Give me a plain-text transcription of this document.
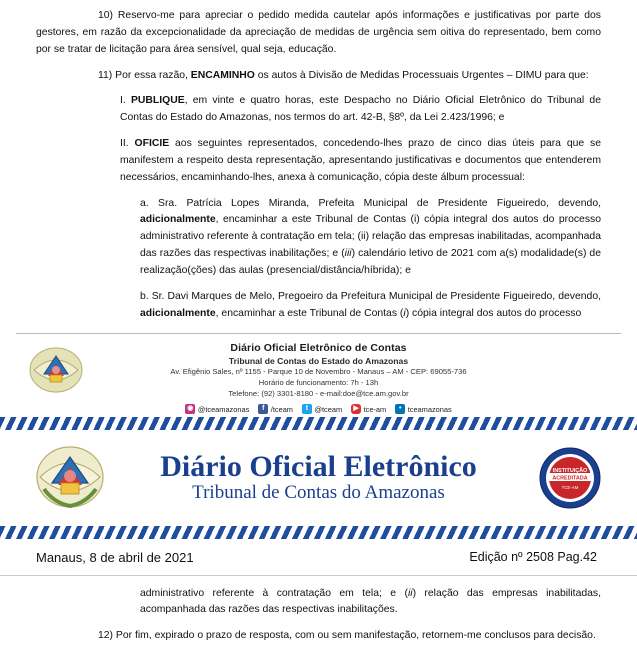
10) Reservo-me para apreciar o pedido medida cautelar após informações e justificativas por parte dos gestores, em razão da excepcionalidade da apreciação de medidas de urgência sem oitiva do representado, bem como por se tratar de licitação para área sensível, qual seja, educação.

11) Por essa razão, ENCAMINHO os autos à Divisão de Medidas Processuais Urgentes – DIMU para que:

I. PUBLIQUE, em vinte e quatro horas, este Despacho no Diário Oficial Eletrônico do Tribunal de Contas do Estado do Amazonas, nos termos do art. 42-B, §8º, da Lei 2.423/1996; e

II. OFICIE aos seguintes representados, concedendo-lhes prazo de cinco dias úteis para que se manifestem a respeito desta representação, apresentando justificativas e documentos que entenderem necessários, encaminhando-lhes, anexa à comunicação, cópia deste álbum processual:

a. Sra. Patrícia Lopes Miranda, Prefeita Municipal de Presidente Figueiredo, devendo, adicionalmente, encaminhar a este Tribunal de Contas (i) cópia integral dos autos do processo administrativo referente à contratação em tela; (ii) relação das empresas inabilitadas, acompanhada das razões das respectivas inabilitações; e (iii) calendário letivo de 2021 com a(s) modalidade(s) de realização(ções) das aulas (presencial/distância/híbrida); e

b. Sr. Davi Marques de Melo, Pregoeiro da Prefeitura Municipal de Presidente Figueiredo, devendo, adicionalmente, encaminhar a este Tribunal de Contas (i) cópia integral dos autos do processo

Diário Oficial Eletrônico de Contas
Tribunal de Contas do Estado do Amazonas
Av. Efigênio Sales, nº 1155 - Parque 10 de Novembro - Manaus – AM - CEP: 69055-736
Horário de funcionamento: 7h - 13h
Telefone: (92) 3301-8180 - e-mail:doe@tce.am.gov.br
◉ @tceamazonas	f /tceam	t @tceam	▶ tce-am	• tceamazonas
Diário Oficial Eletrônico
Tribunal de Contas do Amazonas
INSTITUIÇÃO
ACREDITADA
TCE-AM
Manaus, 8 de abril de 2021	Edição nº 2508 Pag.42

administrativo referente à contratação em tela; e (ii) relação das empresas inabilitadas, acompanhada das razões das respectivas inabilitações.

12) Por fim, expirado o prazo de resposta, com ou sem manifestação, retornem-me conclusos para decisão.
